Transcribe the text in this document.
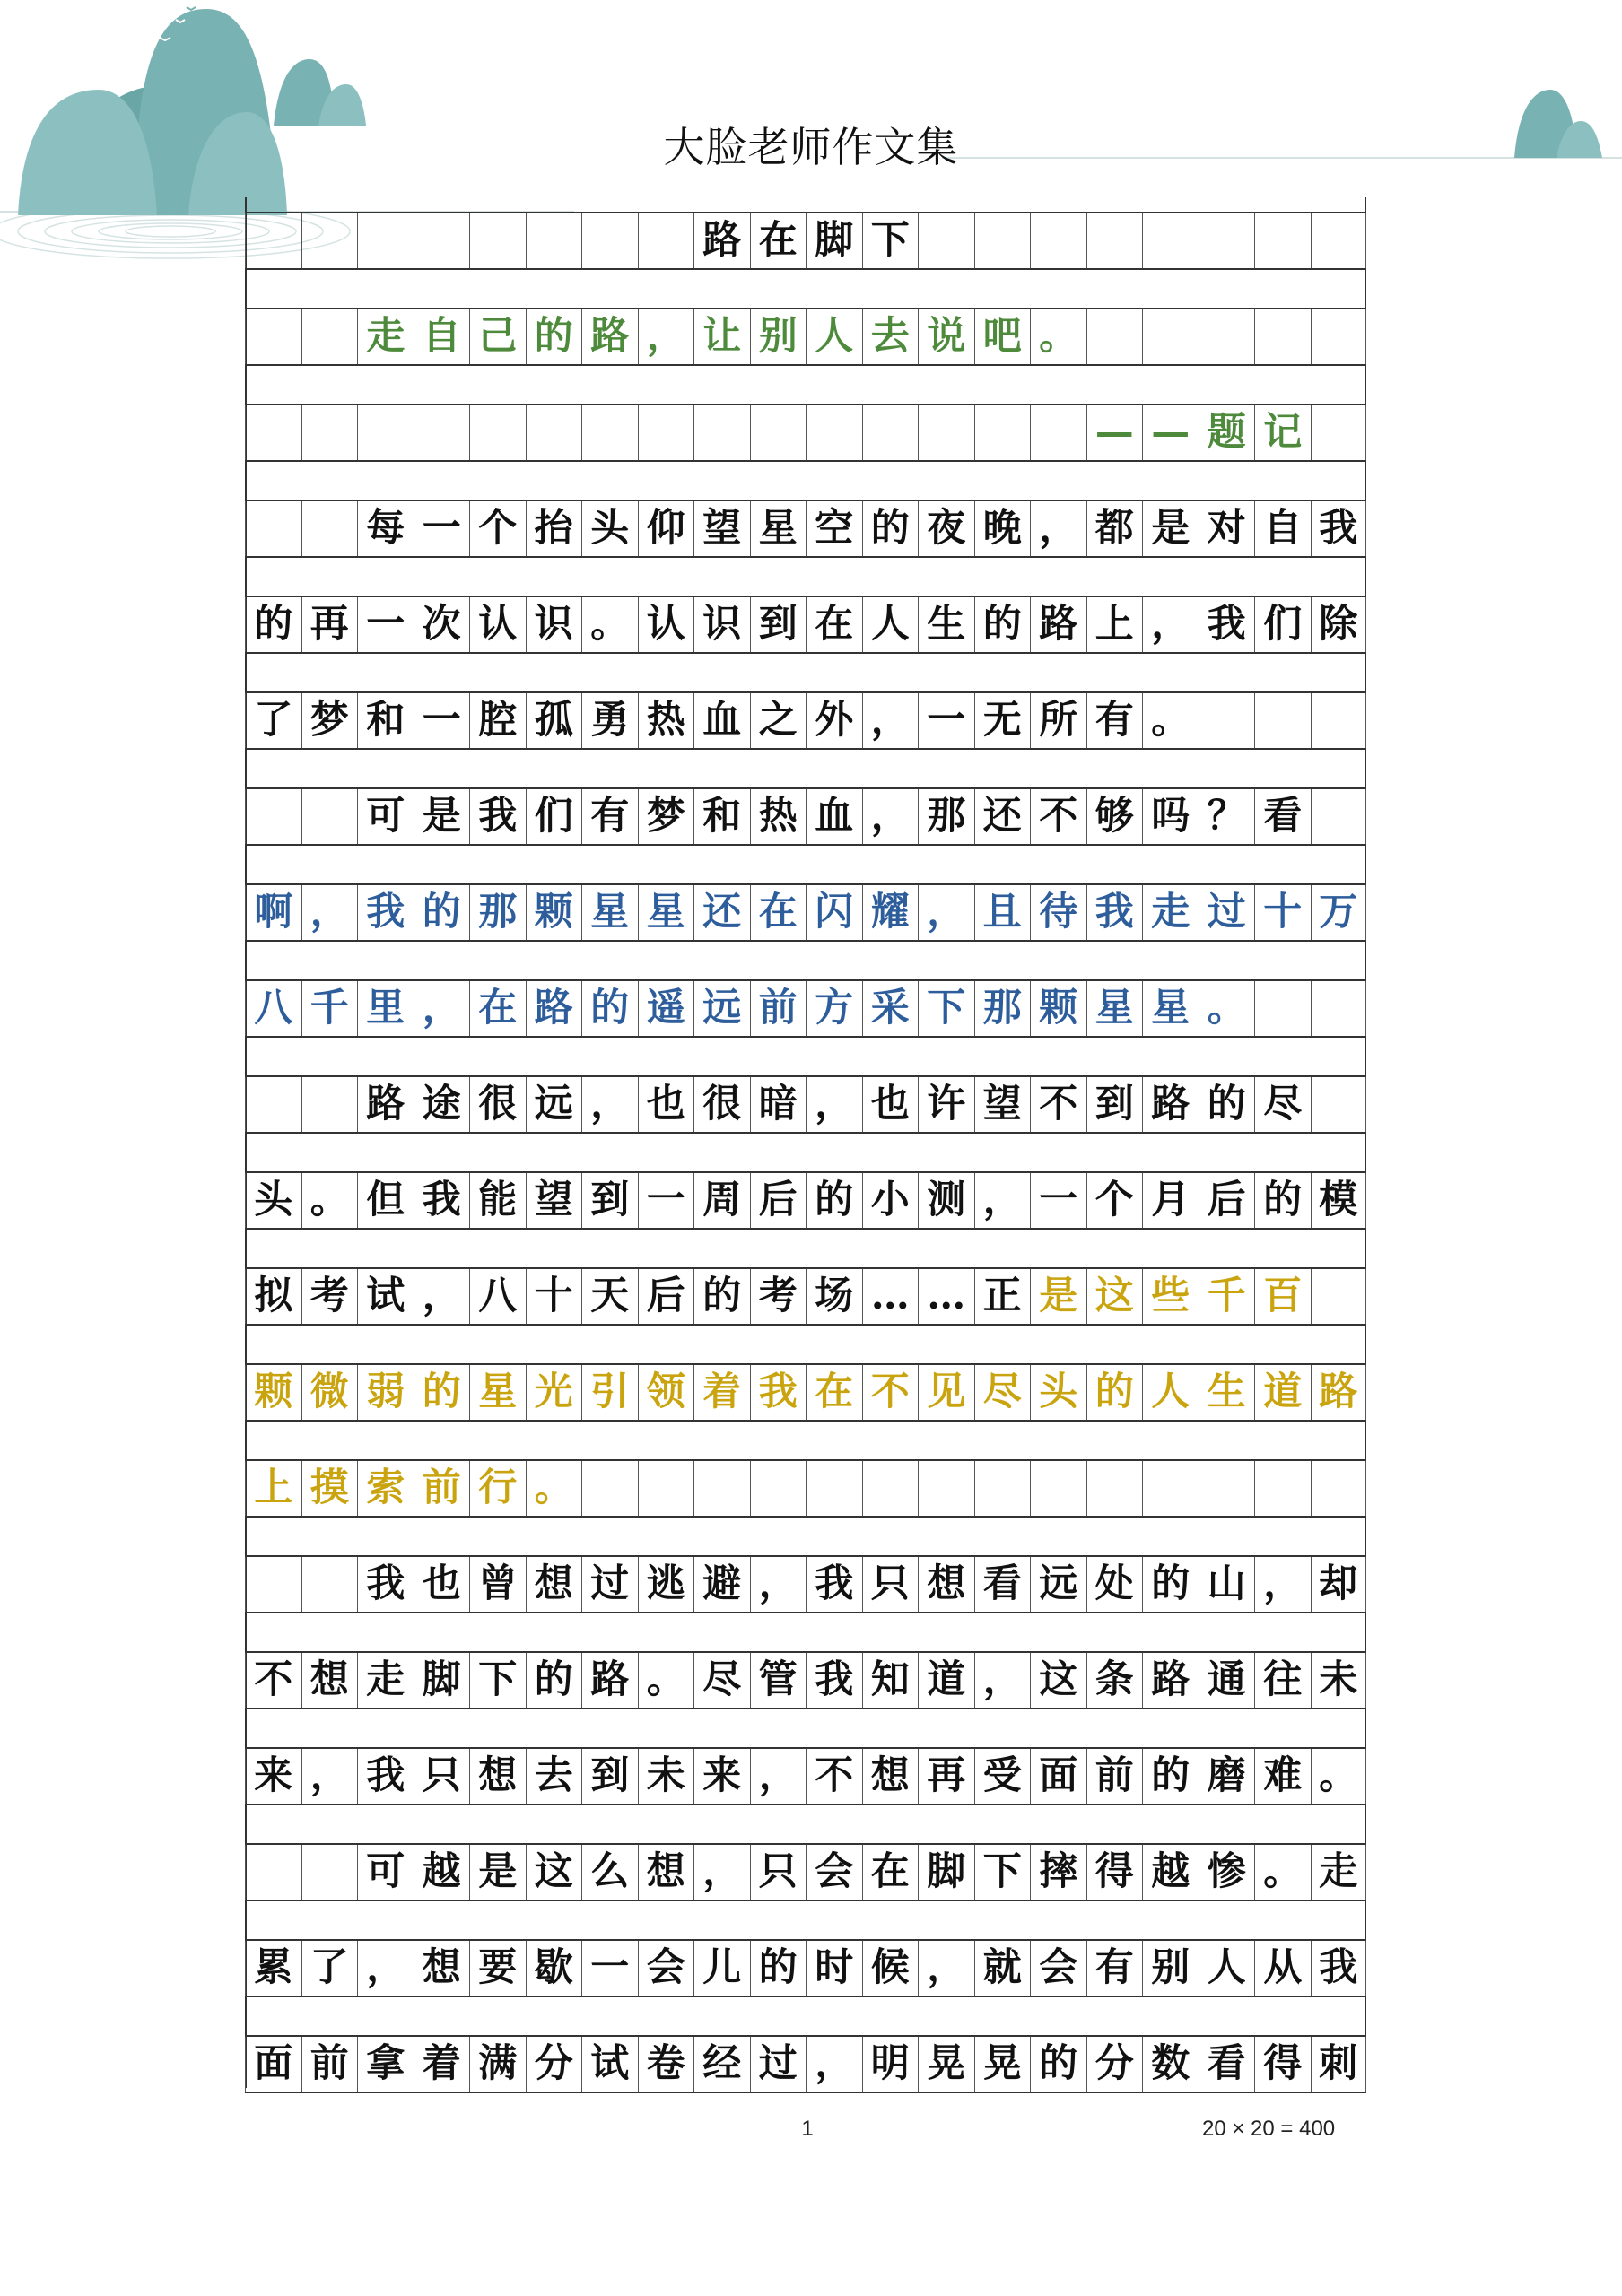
大脸老师作文集
路 在 脚 下
走 自 己 的 路 ， 让 别 人 去 说 吧 。
— — 题 记
每 一 个 抬 头 仰 望 星 空 的 夜 晚 ， 都 是 对 自 我
的 再 一 次 认 识 。 认 识 到 在 人 生 的 路 上 ， 我 们 除
了 梦 和 一 腔 孤 勇 热 血 之 外 ， 一 无 所 有 。
可 是 我 们 有 梦 和 热 血 ， 那 还 不 够 吗 ？ 看
啊 ， 我 的 那 颗 星 星 还 在 闪 耀 ， 且 待 我 走 过 十 万
八 千 里 ， 在 路 的 遥 远 前 方 采 下 那 颗 星 星 。
路 途 很 远 ， 也 很 暗 ， 也 许 望 不 到 路 的 尽
头 。 但 我 能 望 到 一 周 后 的 小 测 ， 一 个 月 后 的 模
拟 考 试 ， 八 十 天 后 的 考 场 … … 正 是 这 些 千 百
颗 微 弱 的 星 光 引 领 着 我 在 不 见 尽 头 的 人 生 道 路
上 摸 索 前 行 。
我 也 曾 想 过 逃 避 ， 我 只 想 看 远 处 的 山 ， 却
不 想 走 脚 下 的 路 。 尽 管 我 知 道 ， 这 条 路 通 往 未
来 ， 我 只 想 去 到 未 来 ， 不 想 再 受 面 前 的 磨 难 。
可 越 是 这 么 想 ， 只 会 在 脚 下 摔 得 越 惨 。 走
累 了 ， 想 要 歇 一 会 儿 的 时 候 ， 就 会 有 别 人 从 我
面 前 拿 着 满 分 试 卷 经 过 ， 明 晃 晃 的 分 数 看 得 刺
1	20 × 20 = 400
